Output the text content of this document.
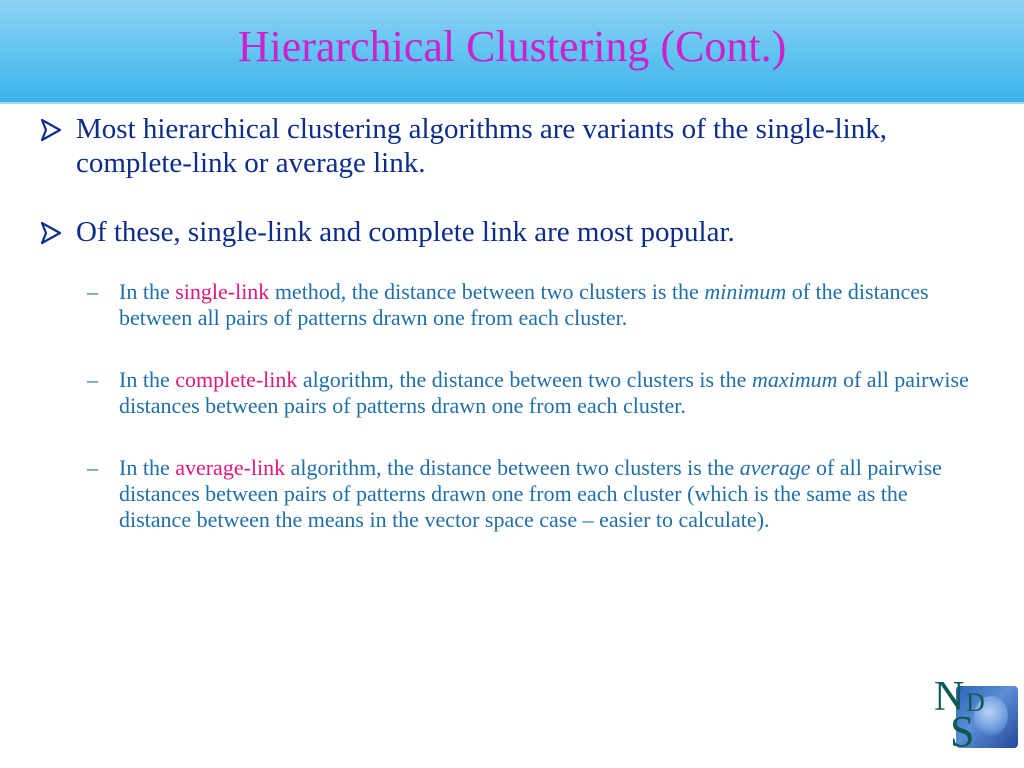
Hierarchical Clustering (Cont.)
Most hierarchical clustering algorithms are variants of the single-link, complete-link or average link.
Of these, single-link and complete link are most popular.
– In the single-link method, the distance between two clusters is the minimum of the distances between all pairs of patterns drawn one from each cluster.
– In the complete-link algorithm, the distance between two clusters is the maximum of all pairwise distances between pairs of patterns drawn one from each cluster.
– In the average-link algorithm, the distance between two clusters is the average of all pairwise distances between pairs of patterns drawn one from each cluster (which is the same as the distance between the means in the vector space case – easier to calculate).
N D
S
